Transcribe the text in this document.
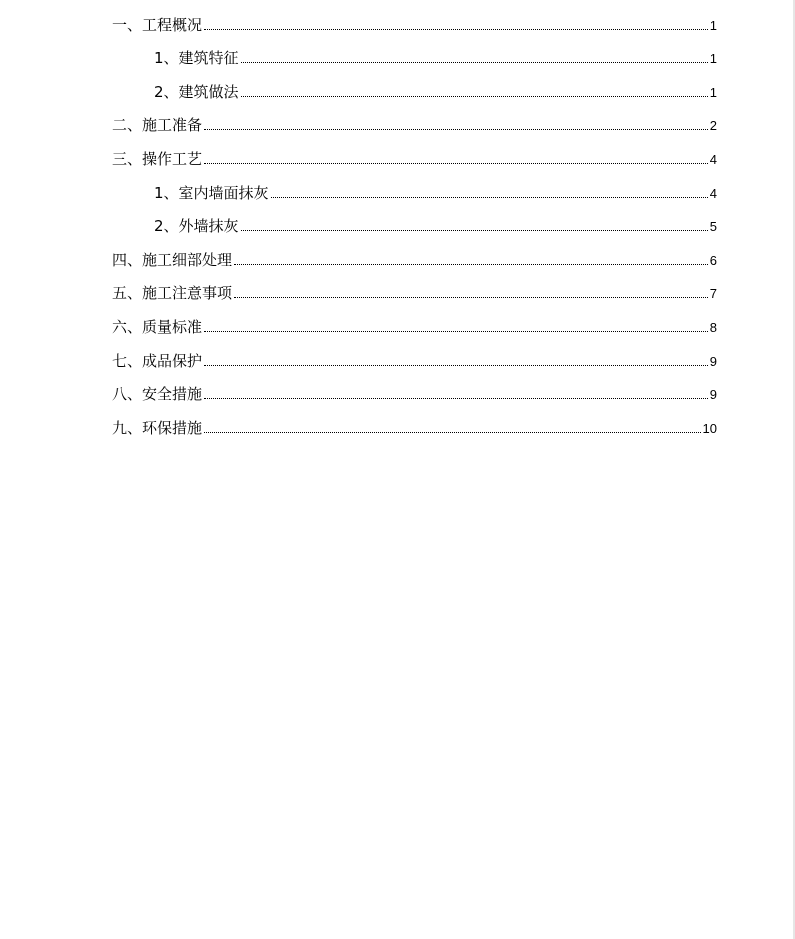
一、 工程概况	1
1、 建筑特征	1
2、 建筑做法	1
二、 施工准备	2
三、 操作工艺	4
1、 室内墙面抹灰	4
2、 外墙抹灰	5
四、 施工细部处理	6
五、 施工注意事项	7
六、 质量标准	8
七、 成品保护	9
八、 安全措施	9
九、 环保措施	10
